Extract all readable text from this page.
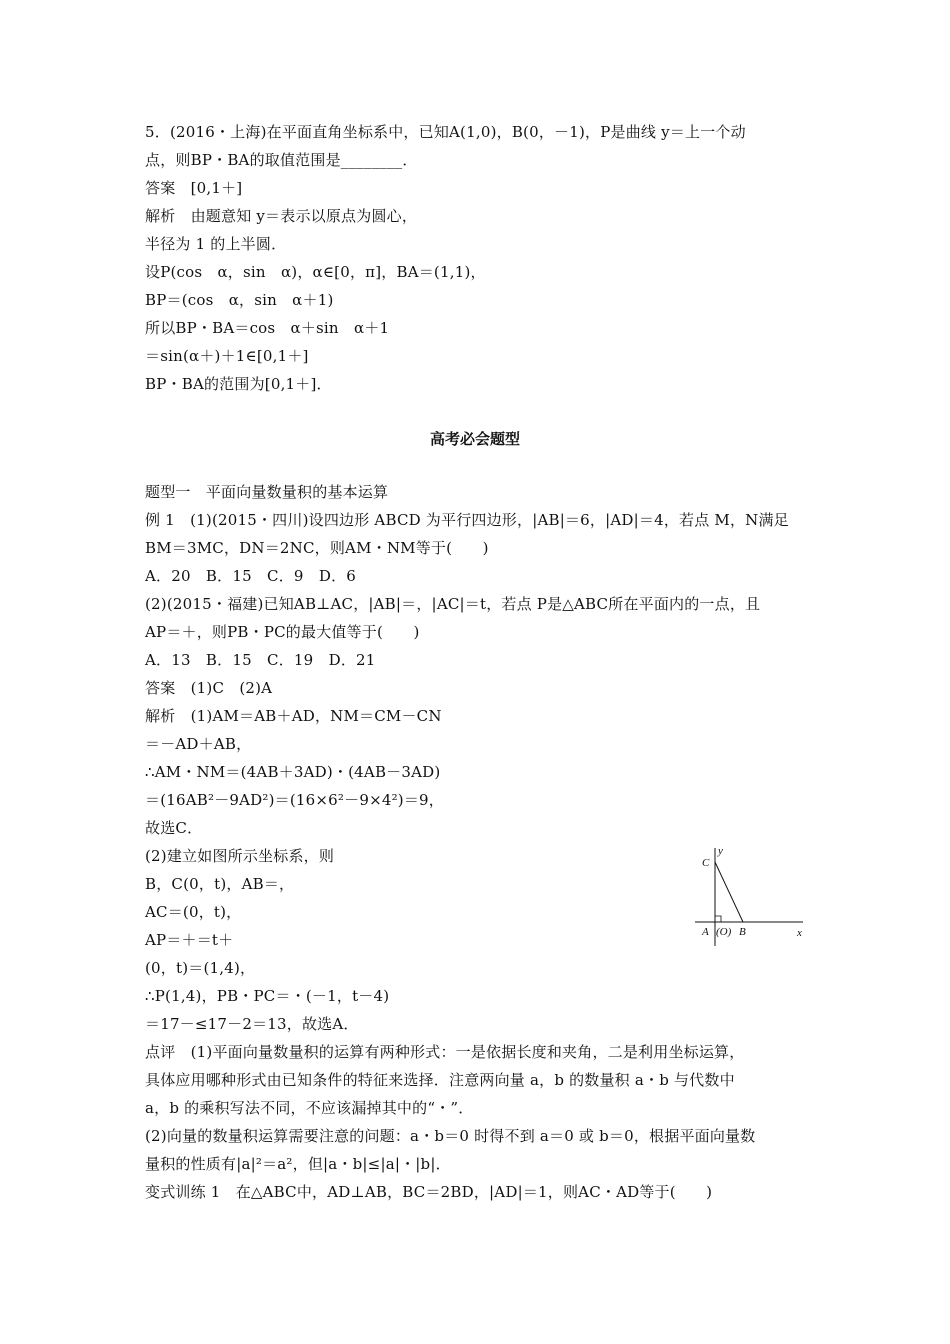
5．(2016・上海)在平面直角坐标系中，已知A(1,0)，B(0，－1)，P是曲线 y＝上一个动
点，则BP・BA的取值范围是________．
答案　[0,1＋]
解析　由题意知 y＝表示以原点为圆心，
半径为 1 的上半圆．
设P(cos　α，sin　α)，α∈[0，π]，BA＝(1,1)，
BP＝(cos　α，sin　α＋1)
所以BP・BA＝cos　α＋sin　α＋1
＝sin(α＋)＋1∈[0,1＋]
BP・BA的范围为[0,1＋]．
高考必会题型
题型一　平面向量数量积的基本运算
例 1　(1)(2015・四川)设四边形 ABCD 为平行四边形，|AB|＝6，|AD|＝4，若点 M，N满足
BM＝3MC，DN＝2NC，则AM・NM等于(　　)
A．20　B．15　C．9　D．6
(2)(2015・福建)已知AB⊥AC，|AB|＝，|AC|＝t，若点 P是△ABC所在平面内的一点，且
AP＝＋，则PB・PC的最大值等于(　　)
A．13　B．15　C．19　D．21
答案　(1)C　(2)A
解析　(1)AM＝AB＋AD，NM＝CM－CN
＝－AD＋AB，
∴AM・NM＝(4AB＋3AD)・(4AB－3AD)
＝(16AB²－9AD²)＝(16×6²－9×4²)＝9，
故选C．
(2)建立如图所示坐标系，则
B，C(0，t)，AB＝，
AC＝(0，t)，
AP＝＋＝t＋
(0，t)＝(1,4)，
∴P(1,4)，PB・PC＝・(－1，t－4)
＝17－≤17－2＝13，故选A．
点评　(1)平面向量数量积的运算有两种形式：一是依据长度和夹角，二是利用坐标运算，
具体应用哪种形式由已知条件的特征来选择．注意两向量 a，b 的数量积 a・b 与代数中
a，b 的乘积写法不同，不应该漏掉其中的“・”．
(2)向量的数量积运算需要注意的问题：a・b＝0 时得不到 a＝0 或 b＝0，根据平面向量数
量积的性质有|a|²＝a²，但|a・b|≤|a|・|b|．
变式训练 1　在△ABC中，AD⊥AB，BC＝2BD，|AD|＝1，则AC・AD等于(　　)
y
C
x
A (O) B
